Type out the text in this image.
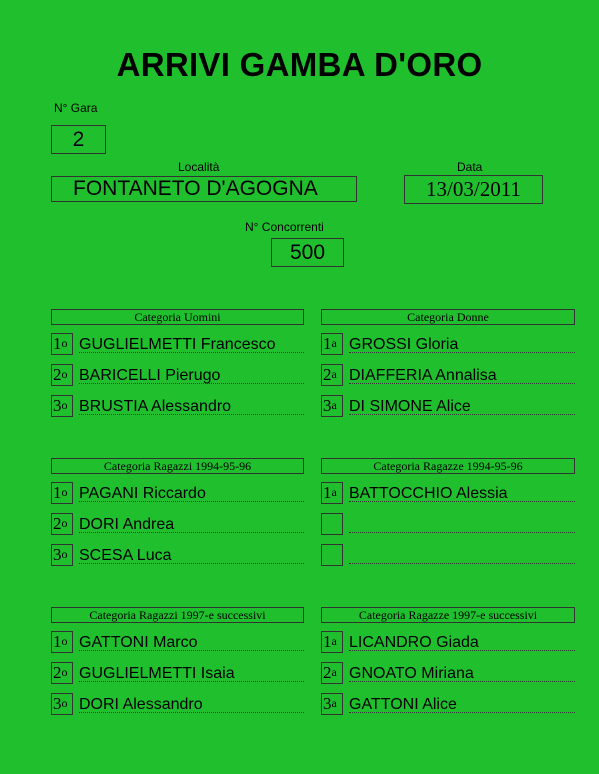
ARRIVI GAMBA D'ORO
N° Gara
2
Località
FONTANETO D'AGOGNA
Data
13/03/2011
N° Concorrenti
500
Categoria Uomini
1$^o$ GUGLIELMETTI Francesco
2$^o$ BARICELLI Pierugo
3$^o$ BRUSTIA Alessandro
Categoria Donne
1$^a$ GROSSI Gloria
2$^a$ DIAFFERIA Annalisa
3$^a$ DI SIMONE Alice
Categoria Ragazzi 1994-95-96
1$^o$ PAGANI Riccardo
2$^o$ DORI Andrea
3$^o$ SCESA Luca
Categoria Ragazze 1994-95-96
1$^a$ BATTOCCHIO Alessia
Categoria Ragazzi 1997-e successivi
1$^o$ GATTONI Marco
2$^o$ GUGLIELMETTI Isaia
3$^o$ DORI Alessandro
Categoria Ragazze 1997-e successivi
1$^a$ LICANDRO Giada
2$^a$ GNOATO Miriana
3$^a$ GATTONI Alice
